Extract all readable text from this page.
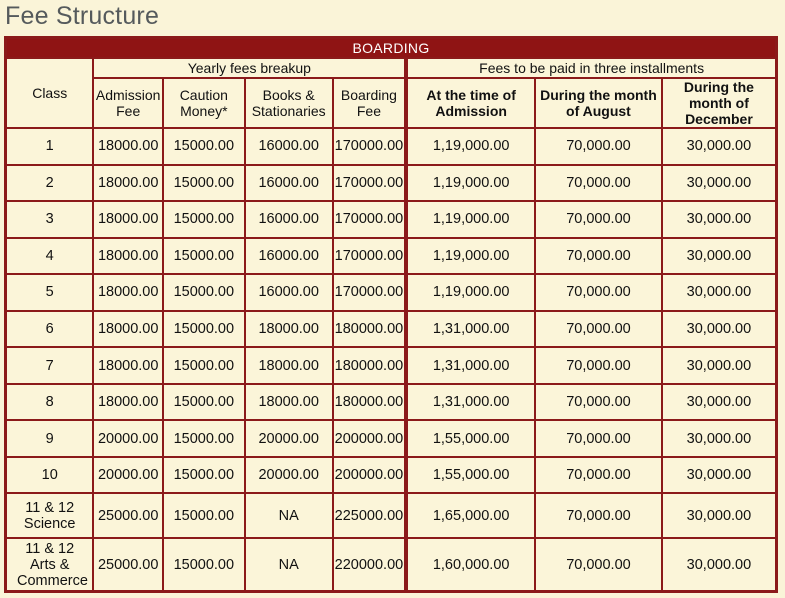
Fee Structure
BOARDING							
Class	Yearly fees breakup				Fees to be paid in three installments		
	Admission Fee	Caution Money*	Books & Stationaries	Boarding Fee	At the time of Admission	During the month of August	During the month of December
1	18000.00	15000.00	16000.00	170000.00	1,19,000.00	70,000.00	30,000.00
2	18000.00	15000.00	16000.00	170000.00	1,19,000.00	70,000.00	30,000.00
3	18000.00	15000.00	16000.00	170000.00	1,19,000.00	70,000.00	30,000.00
4	18000.00	15000.00	16000.00	170000.00	1,19,000.00	70,000.00	30,000.00
5	18000.00	15000.00	16000.00	170000.00	1,19,000.00	70,000.00	30,000.00
6	18000.00	15000.00	18000.00	180000.00	1,31,000.00	70,000.00	30,000.00
7	18000.00	15000.00	18000.00	180000.00	1,31,000.00	70,000.00	30,000.00
8	18000.00	15000.00	18000.00	180000.00	1,31,000.00	70,000.00	30,000.00
9	20000.00	15000.00	20000.00	200000.00	1,55,000.00	70,000.00	30,000.00
10	20000.00	15000.00	20000.00	200000.00	1,55,000.00	70,000.00	30,000.00
11 & 12 Science	25000.00	15000.00	NA	225000.00	1,65,000.00	70,000.00	30,000.00
11 & 12 Arts & Commerce	25000.00	15000.00	NA	220000.00	1,60,000.00	70,000.00	30,000.00
